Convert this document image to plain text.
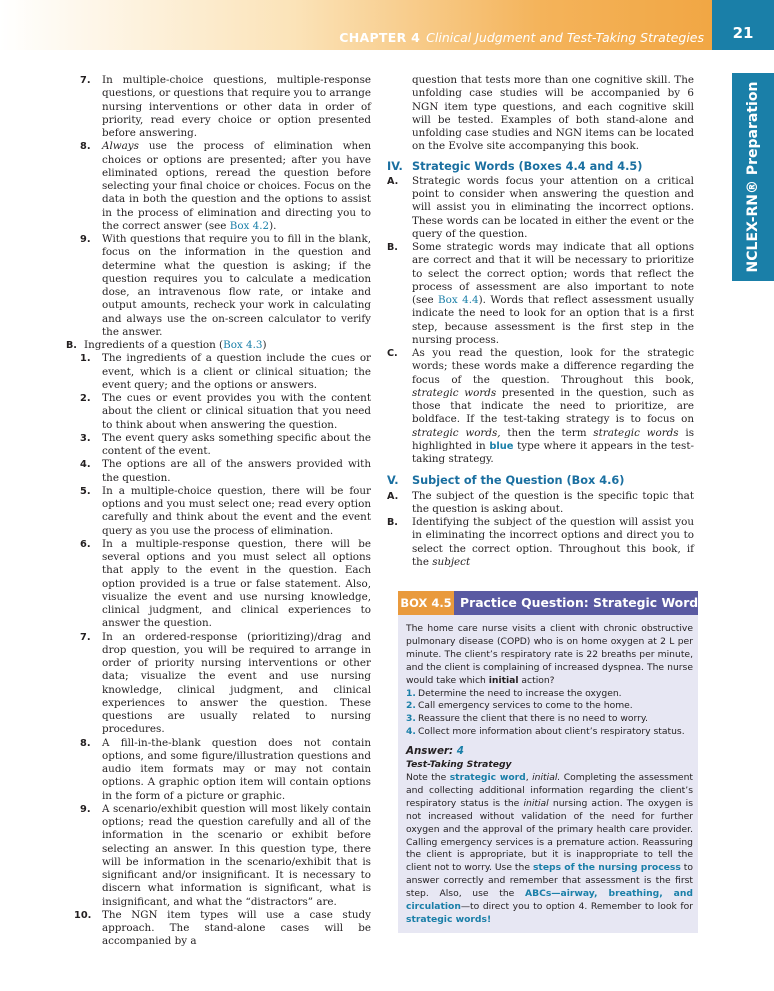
CHAPTER 4 Clinical Judgment and Test-Taking Strategies 21
NCLEX-RN® Preparation
7. In multiple-choice questions, multiple-response questions, or questions that require you to arrange nursing interventions or other data in order of priority, read every choice or option presented before answering.
8. Always use the process of elimination when choices or options are presented; after you have eliminated options, reread the question before selecting your final choice or choices. Focus on the data in both the question and the options to assist in the process of elimination and directing you to the correct answer (see Box 4.2).
9. With questions that require you to fill in the blank, focus on the information in the question and determine what the question is asking; if the question requires you to calculate a medication dose, an intravenous flow rate, or intake and output amounts, recheck your work in calculating and always use the on-screen calculator to verify the answer.
B. Ingredients of a question (Box 4.3)
1. The ingredients of a question include the cues or event, which is a client or clinical situation; the event query; and the options or answers.
2. The cues or event provides you with the content about the client or clinical situation that you need to think about when answering the question.
3. The event query asks something specific about the content of the event.
4. The options are all of the answers provided with the question.
5. In a multiple-choice question, there will be four options and you must select one; read every option carefully and think about the event and the event query as you use the process of elimination.
6. In a multiple-response question, there will be several options and you must select all options that apply to the event in the question. Each option provided is a true or false statement. Also, visualize the event and use nursing knowledge, clinical judgment, and clinical experiences to answer the question.
7. In an ordered-response (prioritizing)/drag and drop question, you will be required to arrange in order of priority nursing interventions or other data; visualize the event and use nursing knowledge, clinical judgment, and clinical experiences to answer the question. These questions are usually related to nursing procedures.
8. A fill-in-the-blank question does not contain options, and some figure/illustration questions and audio item formats may or may not contain options. A graphic option item will contain options in the form of a picture or graphic.
9. A scenario/exhibit question will most likely contain options; read the question carefully and all of the information in the scenario or exhibit before selecting an answer. In this question type, there will be information in the scenario/exhibit that is significant and/or insignificant. It is necessary to discern what information is significant, what is insignificant, and what the “distractors” are.
10. The NGN item types will use a case study approach. The stand-alone cases will be accompanied by a
question that tests more than one cognitive skill. The unfolding case studies will be accompanied by 6 NGN item type questions, and each cognitive skill will be tested. Examples of both stand-alone and unfolding case studies and NGN items can be located on the Evolve site accompanying this book.
IV. Strategic Words (Boxes 4.4 and 4.5)
A. Strategic words focus your attention on a critical point to consider when answering the question and will assist you in eliminating the incorrect options. These words can be located in either the event or the query of the question.
B. Some strategic words may indicate that all options are correct and that it will be necessary to prioritize to select the correct option; words that reflect the process of assessment are also important to note (see Box 4.4). Words that reflect assessment usually indicate the need to look for an option that is a first step, because assessment is the first step in the nursing process.
C. As you read the question, look for the strategic words; these words make a difference regarding the focus of the question. Throughout this book, strategic words presented in the question, such as those that indicate the need to prioritize, are boldface. If the test-taking strategy is to focus on strategic words, then the term strategic words is highlighted in blue type where it appears in the test-taking strategy.
V. Subject of the Question (Box 4.6)
A. The subject of the question is the specific topic that the question is asking about.
B. Identifying the subject of the question will assist you in eliminating the incorrect options and direct you to select the correct option. Throughout this book, if the subject
BOX 4.5 Practice Question: Strategic Words
The home care nurse visits a client with chronic obstructive pulmonary disease (COPD) who is on home oxygen at 2 L per minute. The client’s respiratory rate is 22 breaths per minute, and the client is complaining of increased dyspnea. The nurse would take which initial action?
1. Determine the need to increase the oxygen.
2. Call emergency services to come to the home.
3. Reassure the client that there is no need to worry.
4. Collect more information about client’s respiratory status.
Answer: 4
Test-Taking Strategy
Note the strategic word, initial. Completing the assessment and collecting additional information regarding the client’s respiratory status is the initial nursing action. The oxygen is not increased without validation of the need for further oxygen and the approval of the primary health care provider. Calling emergency services is a premature action. Reassuring the client is appropriate, but it is inappropriate to tell the client not to worry. Use the steps of the nursing process to answer correctly and remember that assessment is the first step. Also, use the ABCs—airway, breathing, and circulation—to direct you to option 4. Remember to look for strategic words!
